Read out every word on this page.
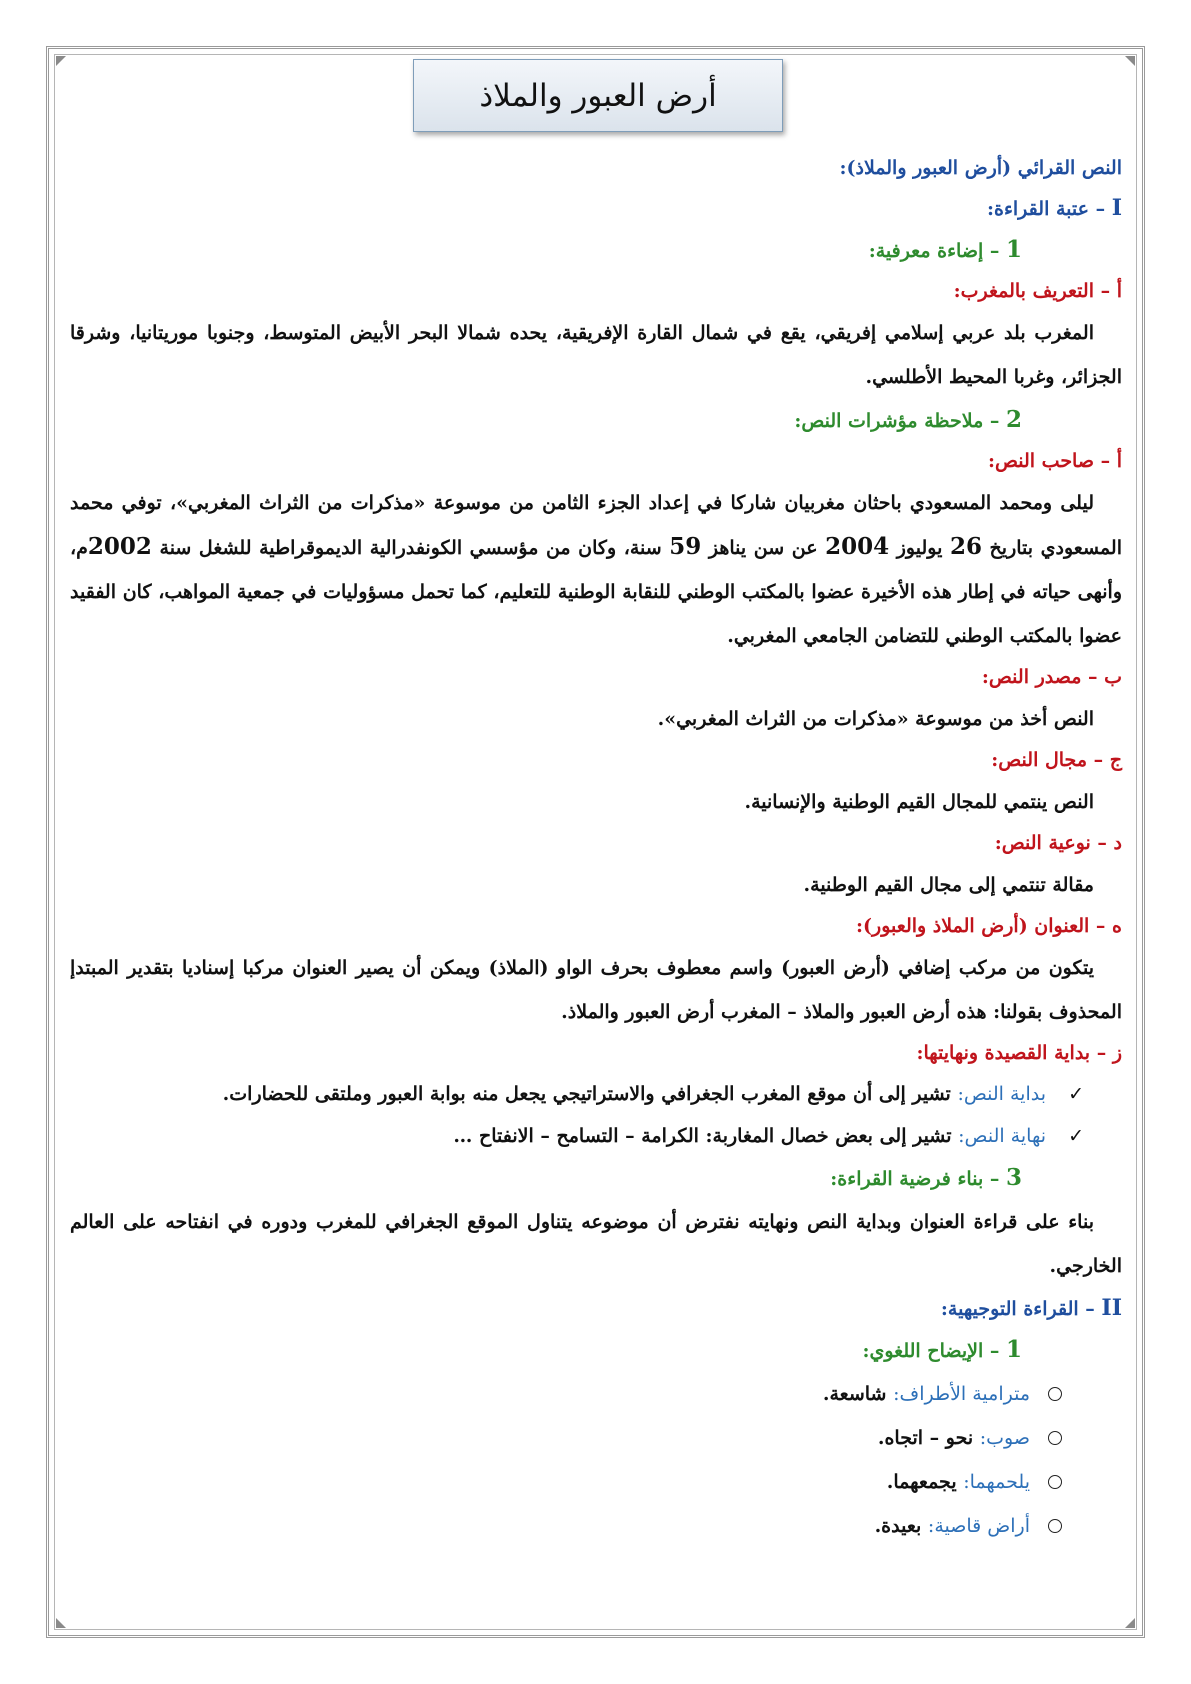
أرض العبور والملاذ

النص القرائي (أرض العبور والملاذ):

I – عتبة القراءة:

1 – إضاءة معرفية:

أ – التعريف بالمغرب:

المغرب بلد عربي إسلامي إفريقي، يقع في شمال القارة الإفريقية، يحده شمالا البحر الأبيض المتوسط، وجنوبا موريتانيا، وشرقا الجزائر، وغربا المحيط الأطلسي.

2 – ملاحظة مؤشرات النص:

أ – صاحب النص:

ليلى ومحمد المسعودي باحثان مغربيان شاركا في إعداد الجزء الثامن من موسوعة «مذكرات من الثراث المغربي»، توفي محمد المسعودي بتاريخ 26 يوليوز 2004 عن سن يناهز 59 سنة، وكان من مؤسسي الكونفدرالية الديموقراطية للشغل سنة 2002م، وأنهى حياته في إطار هذه الأخيرة عضوا بالمكتب الوطني للنقابة الوطنية للتعليم، كما تحمل مسؤوليات في جمعية المواهب، كان الفقيد عضوا بالمكتب الوطني للتضامن الجامعي المغربي.

ب – مصدر النص:

النص أخذ من موسوعة «مذكرات من الثراث المغربي».

ج – مجال النص:

النص ينتمي للمجال القيم الوطنية والإنسانية.

د – نوعية النص:

مقالة تنتمي إلى مجال القيم الوطنية.

ه – العنوان (أرض الملاذ والعبور):

يتكون من مركب إضافي (أرض العبور) واسم معطوف بحرف الواو (الملاذ) ويمكن أن يصير العنوان مركبا إسناديا بتقدير المبتدإ المحذوف بقولنا: هذه أرض العبور والملاذ – المغرب أرض العبور والملاذ.

ز – بداية القصيدة ونهايتها:

✓
بداية النص: تشير إلى أن موقع المغرب الجغرافي والاستراتيجي يجعل منه بوابة العبور وملتقى للحضارات.
✓
نهاية النص: تشير إلى بعض خصال المغاربة: الكرامة – التسامح – الانفتاح …

3 – بناء فرضية القراءة:

بناء على قراءة العنوان وبداية النص ونهايته نفترض أن موضوعه يتناول الموقع الجغرافي للمغرب ودوره في انفتاحه على العالم الخارجي.

II – القراءة التوجيهية:

1 – الإيضاح اللغوي:

مترامية الأطراف: شاسعة.
صوب: نحو – اتجاه.
يلحمهما: يجمعهما.
أراض قاصية: بعيدة.
